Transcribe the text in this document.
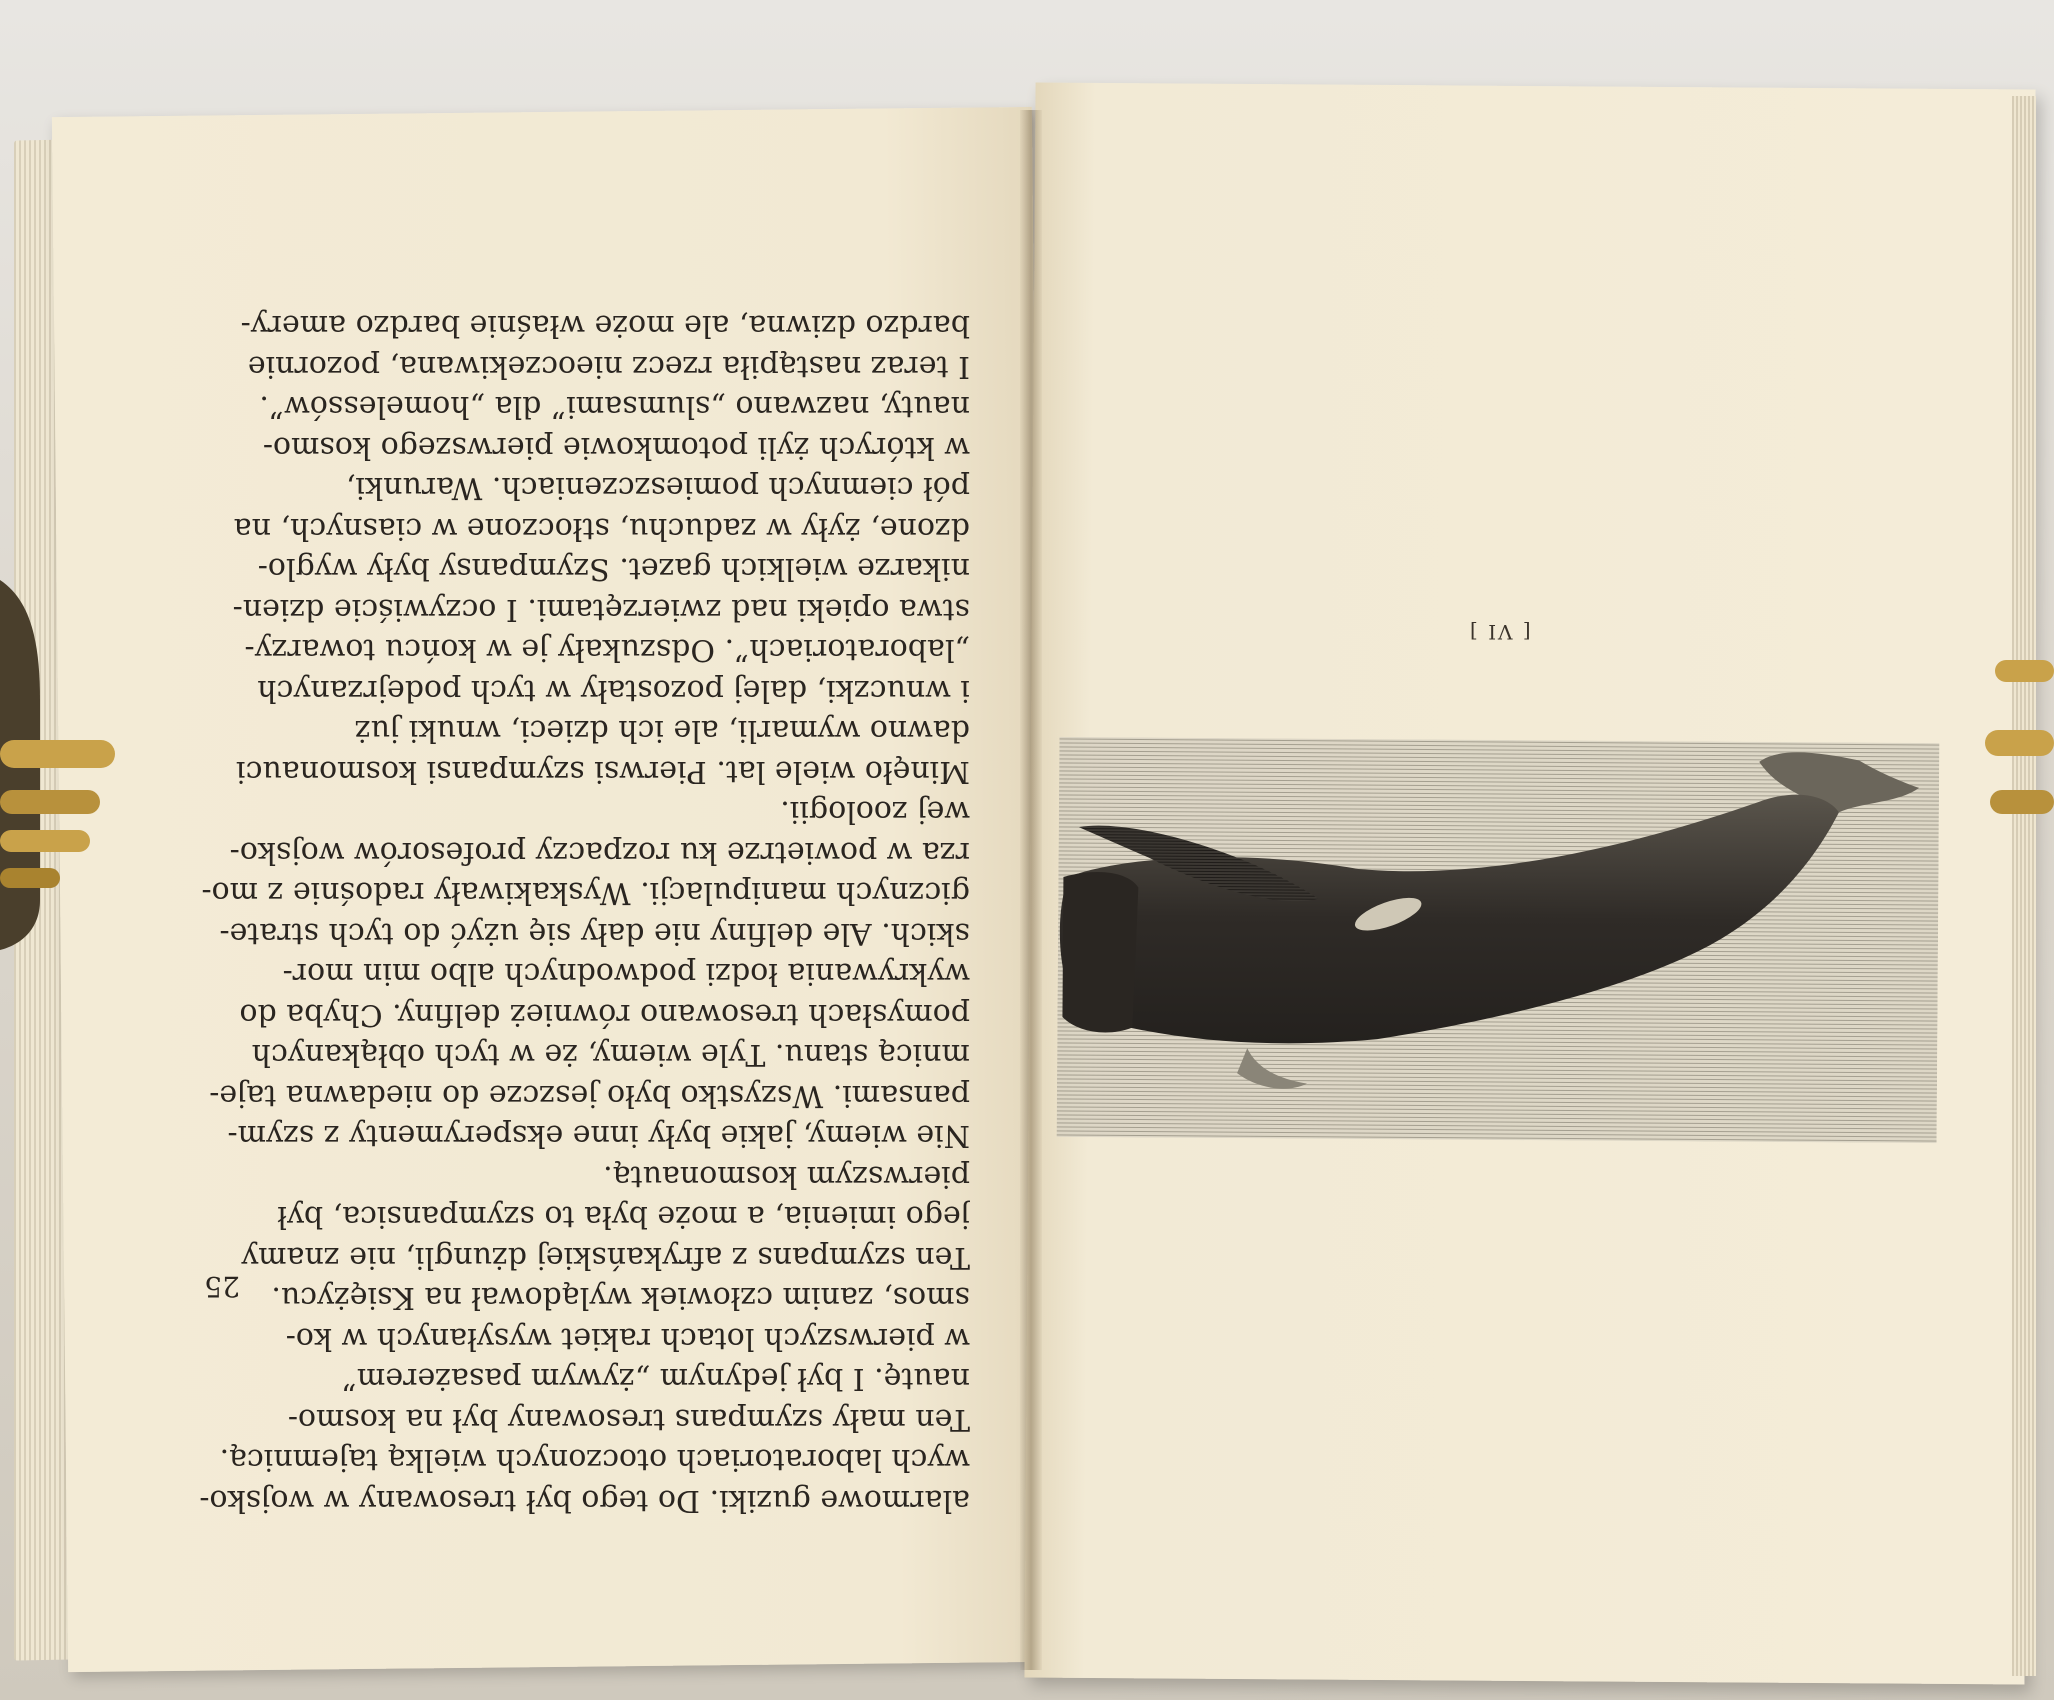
alarmowe guziki. Do tego był tresowany w wojsko-
wych laboratoriach otoczonych wielką tajemnicą.
Ten mały szympans tresowany był na kosmo-
nautę. I był jedynym „żywym pasażerem”
w pierwszych lotach rakiet wysyłanych w ko-
smos, zanim człowiek wylądował na Księżycu.
Ten szympans z afrykańskiej dżungli, nie znamy
jego imienia, a może była to szympansica, był
pierwszym kosmonautą.
Nie wiemy, jakie były inne eksperymenty z szym-
pansami. Wszystko było jeszcze do niedawna taje-
mnicą stanu. Tyle wiemy, że w tych obłąkanych
pomysłach tresowano również delfiny. Chyba do
wykrywania łodzi podwodnych albo min mor-
skich. Ale delfiny nie dały się użyć do tych strate-
gicznych manipulacji. Wyskakiwały radośnie z mo-
rza w powietrze ku rozpaczy profesorów wojsko-
wej zoologii.
Minęło wiele lat. Pierwsi szympansi kosmonauci
dawno wymarli, ale ich dzieci, wnuki już
i wnuczki, dalej pozostały w tych podejrzanych
„laboratoriach”. Odszukały je w końcu towarzy-
stwa opieki nad zwierzętami. I oczywiście dzien-
nikarze wielkich gazet. Szympansy były wyglo-
dzone, żyły w zaduchu, stłoczone w ciasnych, na
pół ciemnych pomieszczeniach. Warunki,
w których żyli potomkowie pierwszego kosmo-
nauty, nazwano „slumsami” dla „homelessów”.
I teraz nastąpiła rzecz nieoczekiwana, pozornie
bardzo dziwna, ale może właśnie bardzo amery-
25
[ VI ]
